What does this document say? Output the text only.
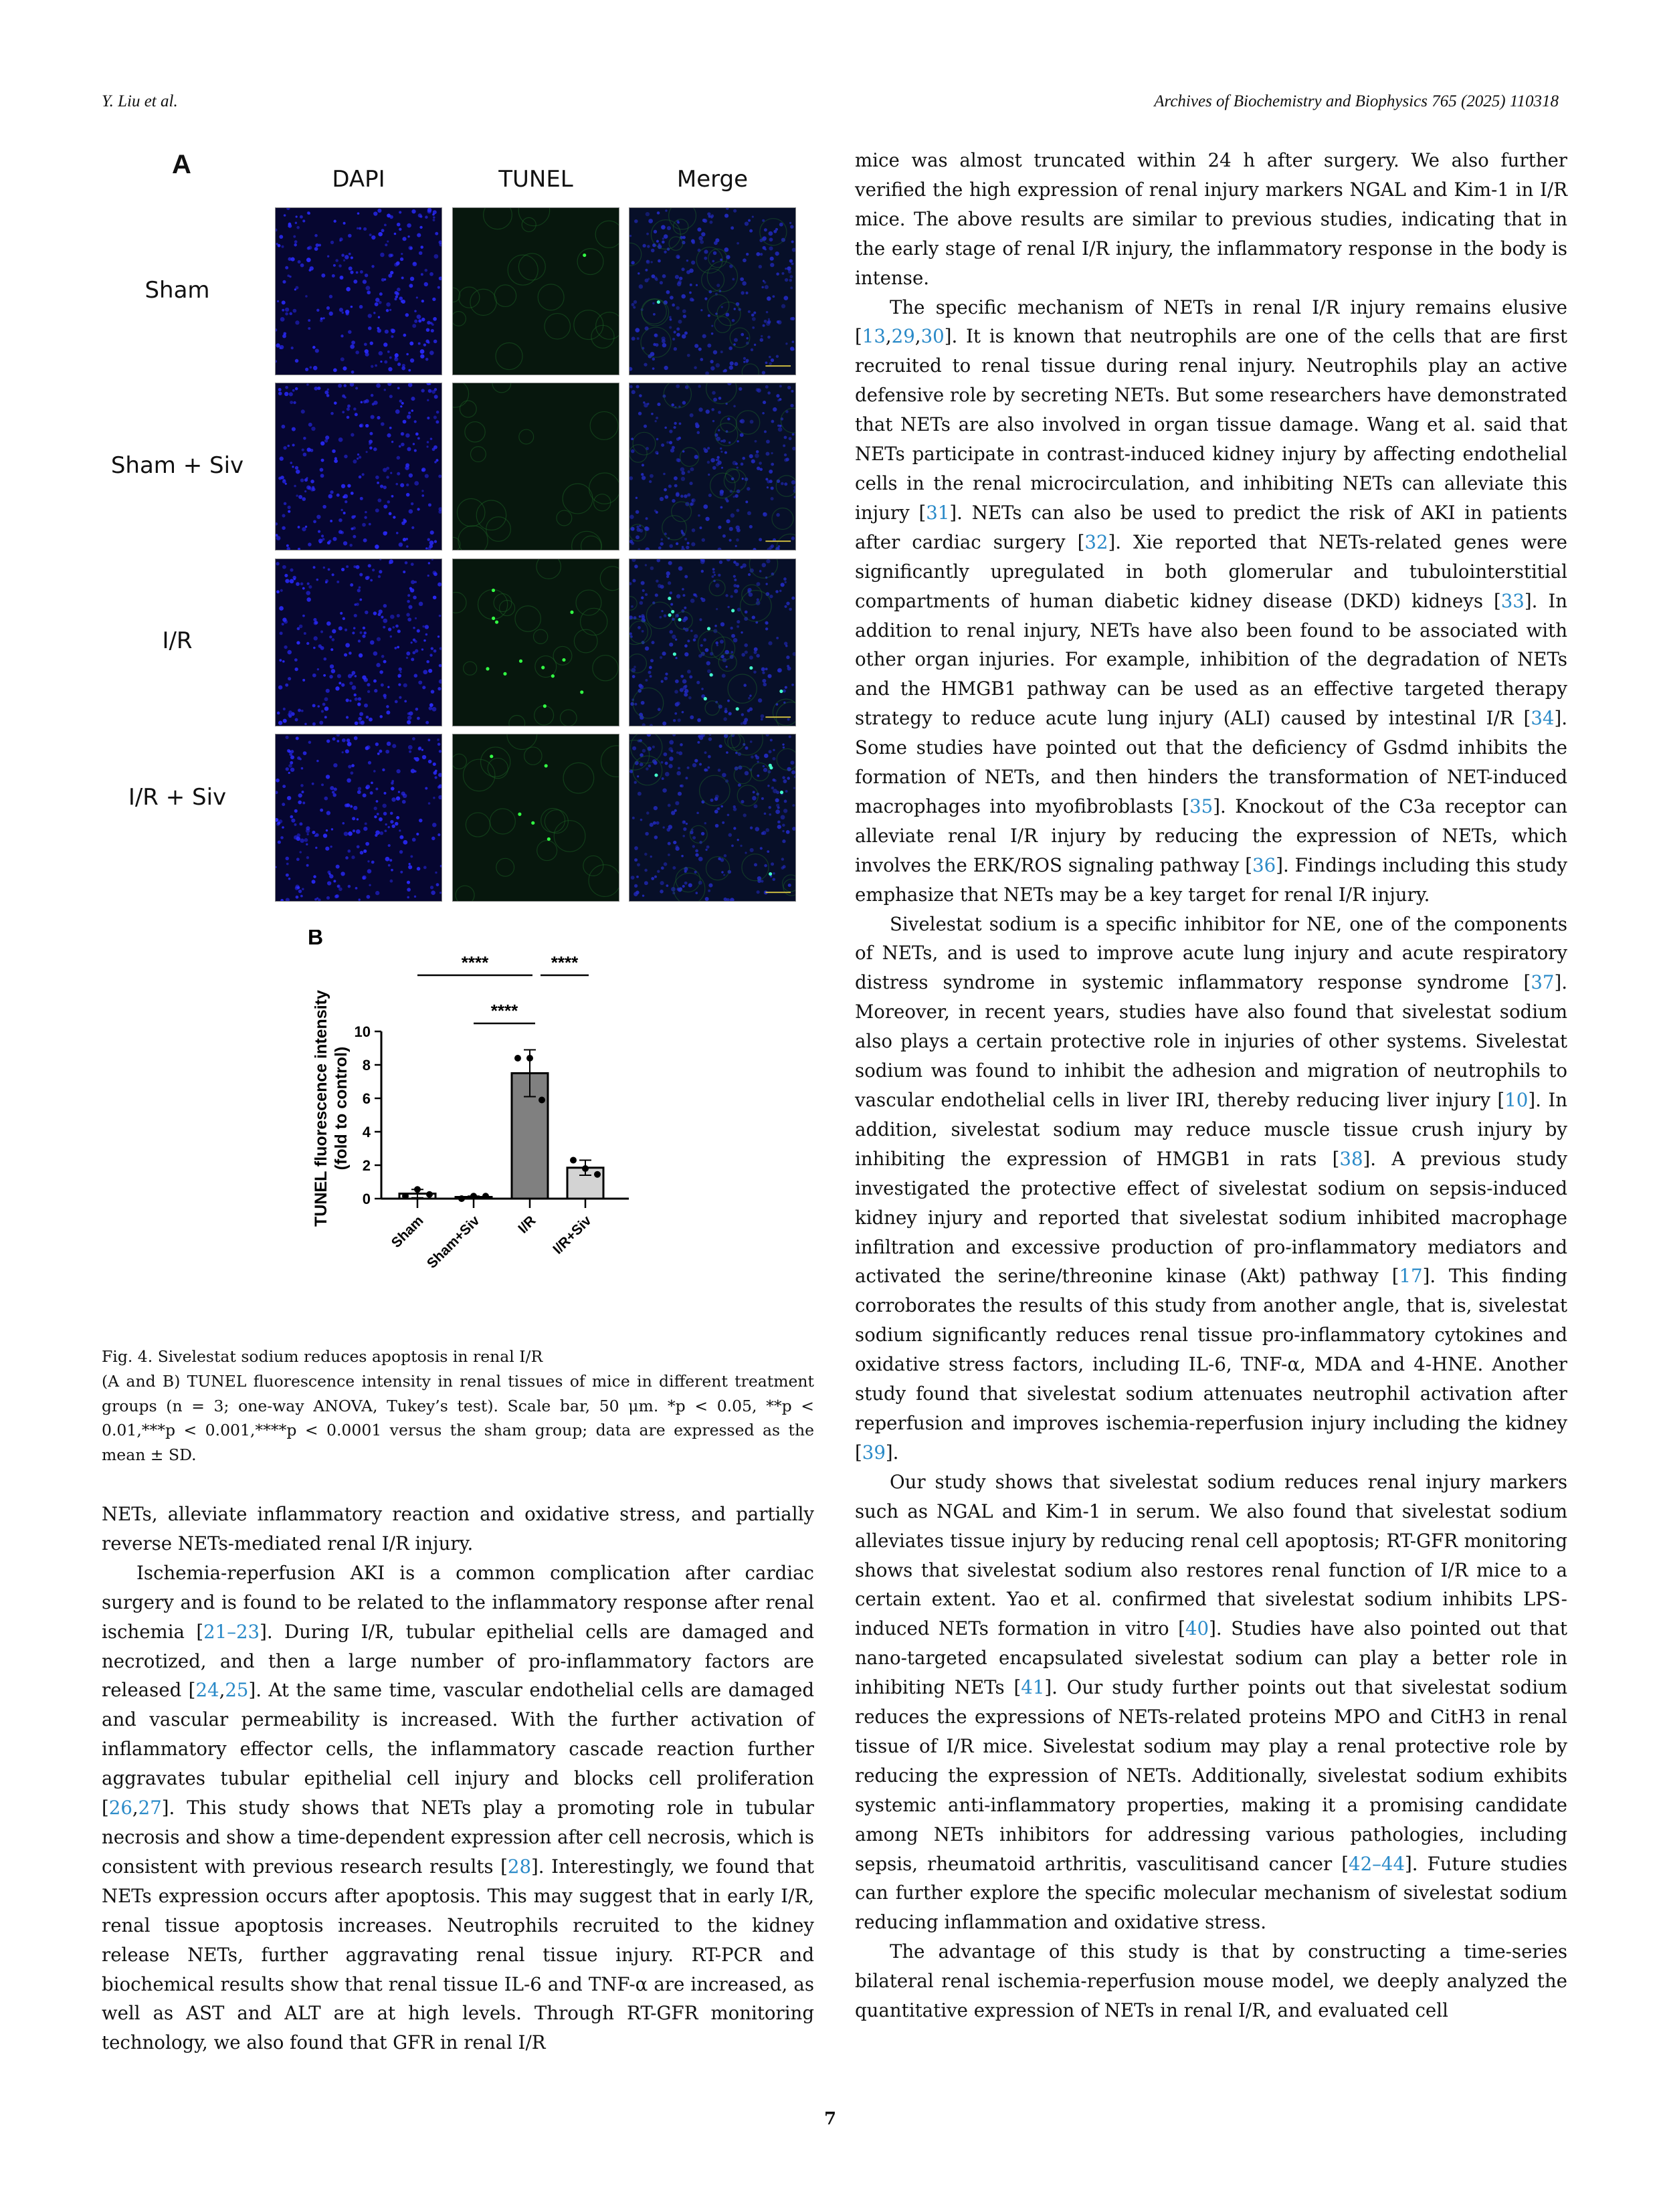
Y. Liu et al.	Archives of Biochemistry and Biophysics 765 (2025) 110318
A	DAPI	TUNEL	Merge
Sham
Sham + Siv
I/R
I/R + Siv
B
0
2
4
6
8
10
TUNEL fluorescence intensity (fold to control)
Sham
Sham+Siv I/R I/R+Siv
****	****
****
Fig. 4. Sivelestat sodium reduces apoptosis in renal I/R
(A and B) TUNEL fluorescence intensity in renal tissues of mice in different treatment groups (n = 3; one-way ANOVA, Tukey’s test). Scale bar, 50 μm. *p < 0.05, **p < 0.01,***p < 0.001,****p < 0.0001 versus the sham group; data are expressed as the mean ± SD.

NETs, alleviate inflammatory reaction and oxidative stress, and partially reverse NETs-mediated renal I/R injury.

Ischemia-reperfusion AKI is a common complication after cardiac surgery and is found to be related to the inflammatory response after renal ischemia [21–23]. During I/R, tubular epithelial cells are damaged and necrotized, and then a large number of pro-inflammatory factors are released [24,25]. At the same time, vascular endothelial cells are damaged and vascular permeability is increased. With the further activation of inflammatory effector cells, the inflammatory cascade reaction further aggravates tubular epithelial cell injury and blocks cell proliferation [26,27]. This study shows that NETs play a promoting role in tubular necrosis and show a time-dependent expression after cell necrosis, which is consistent with previous research results [28]. Interestingly, we found that NETs expression occurs after apoptosis. This may suggest that in early I/R, renal tissue apoptosis increases. Neutrophils recruited to the kidney release NETs, further aggravating renal tissue injury. RT-PCR and biochemical results show that renal tissue IL-6 and TNF-α are increased, as well as AST and ALT are at high levels. Through RT-GFR monitoring technology, we also found that GFR in renal I/R

mice was almost truncated within 24 h after surgery. We also further verified the high expression of renal injury markers NGAL and Kim-1 in I/R mice. The above results are similar to previous studies, indicating that in the early stage of renal I/R injury, the inflammatory response in the body is intense.

The specific mechanism of NETs in renal I/R injury remains elusive [13,29,30]. It is known that neutrophils are one of the cells that are first recruited to renal tissue during renal injury. Neutrophils play an active defensive role by secreting NETs. But some researchers have demonstrated that NETs are also involved in organ tissue damage. Wang et al. said that NETs participate in contrast-induced kidney injury by affecting endothelial cells in the renal microcirculation, and inhibiting NETs can alleviate this injury [31]. NETs can also be used to predict the risk of AKI in patients after cardiac surgery [32]. Xie reported that NETs-related genes were significantly upregulated in both glomerular and tubulointerstitial compartments of human diabetic kidney disease (DKD) kidneys [33]. In addition to renal injury, NETs have also been found to be associated with other organ injuries. For example, inhibition of the degradation of NETs and the HMGB1 pathway can be used as an effective targeted therapy strategy to reduce acute lung injury (ALI) caused by intestinal I/R [34]. Some studies have pointed out that the deficiency of Gsdmd inhibits the formation of NETs, and then hinders the transformation of NET-induced macrophages into myofibroblasts [35]. Knockout of the C3a receptor can alleviate renal I/R injury by reducing the expression of NETs, which involves the ERK/ROS signaling pathway [36]. Findings including this study emphasize that NETs may be a key target for renal I/R injury.

Sivelestat sodium is a specific inhibitor for NE, one of the components of NETs, and is used to improve acute lung injury and acute respiratory distress syndrome in systemic inflammatory response syndrome [37]. Moreover, in recent years, studies have also found that sivelestat sodium also plays a certain protective role in injuries of other systems. Sivelestat sodium was found to inhibit the adhesion and migration of neutrophils to vascular endothelial cells in liver IRI, thereby reducing liver injury [10]. In addition, sivelestat sodium may reduce muscle tissue crush injury by inhibiting the expression of HMGB1 in rats [38]. A previous study investigated the protective effect of sivelestat sodium on sepsis-induced kidney injury and reported that sivelestat sodium inhibited macrophage infiltration and excessive production of pro-inflammatory mediators and activated the serine/threonine kinase (Akt) pathway [17]. This finding corroborates the results of this study from another angle, that is, sivelestat sodium significantly reduces renal tissue pro-inflammatory cytokines and oxidative stress factors, including IL-6, TNF-α, MDA and 4-HNE. Another study found that sivelestat sodium attenuates neutrophil activation after reperfusion and improves ischemia-reperfusion injury including the kidney [39].

Our study shows that sivelestat sodium reduces renal injury markers such as NGAL and Kim-1 in serum. We also found that sivelestat sodium alleviates tissue injury by reducing renal cell apoptosis; RT-GFR monitoring shows that sivelestat sodium also restores renal function of I/R mice to a certain extent. Yao et al. confirmed that sivelestat sodium inhibits LPS-induced NETs formation in vitro [40]. Studies have also pointed out that nano-targeted encapsulated sivelestat sodium can play a better role in inhibiting NETs [41]. Our study further points out that sivelestat sodium reduces the expressions of NETs-related proteins MPO and CitH3 in renal tissue of I/R mice. Sivelestat sodium may play a renal protective role by reducing the expression of NETs. Additionally, sivelestat sodium exhibits systemic anti-inflammatory properties, making it a promising candidate among NETs inhibitors for addressing various pathologies, including sepsis, rheumatoid arthritis, vasculitisand cancer [42–44]. Future studies can further explore the specific molecular mechanism of sivelestat sodium reducing inflammation and oxidative stress.

The advantage of this study is that by constructing a time-series bilateral renal ischemia-reperfusion mouse model, we deeply analyzed the quantitative expression of NETs in renal I/R, and evaluated cell

7
